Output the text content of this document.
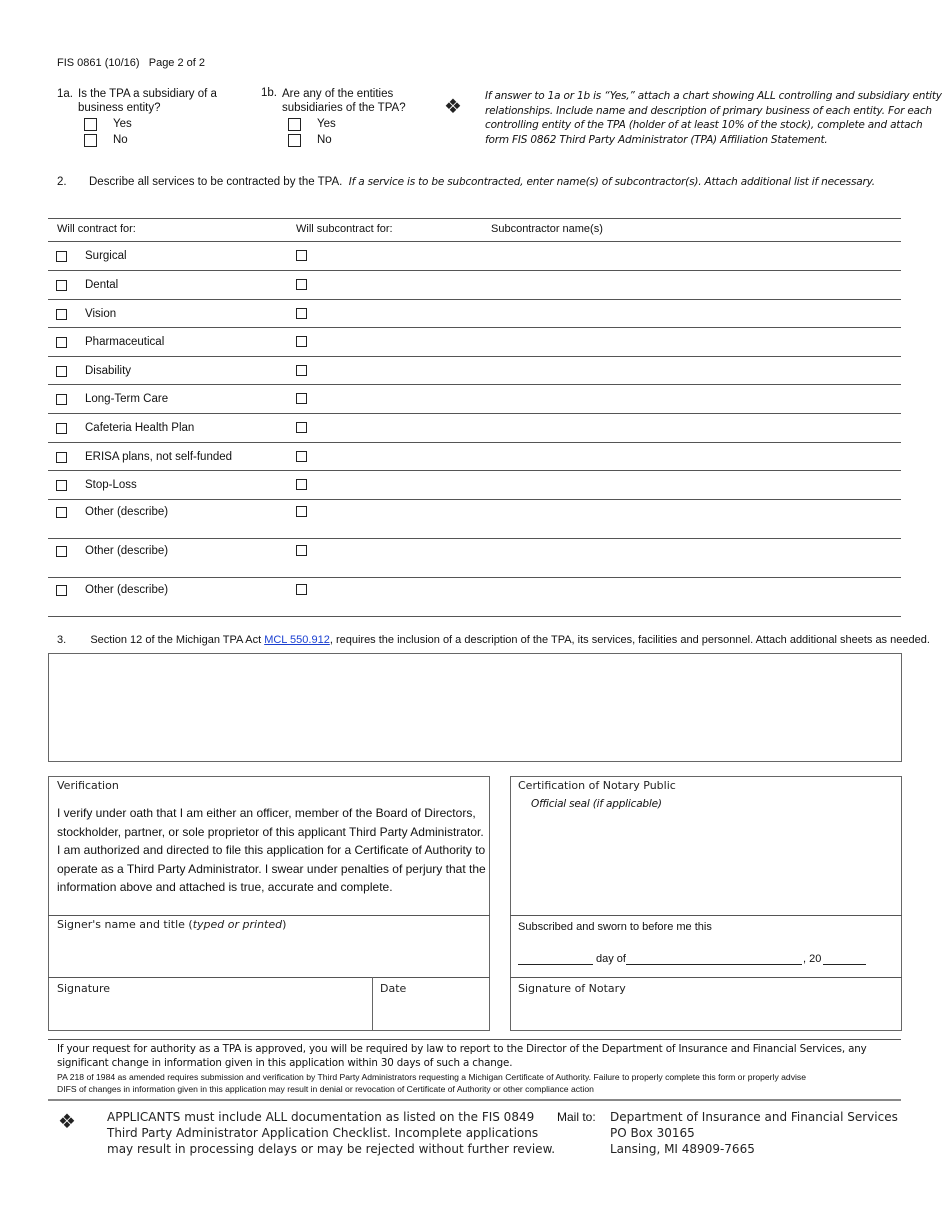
FIS 0861 (10/16) Page 2 of 2
1a. Is the TPA a subsidiary of a
business entity?
Yes
No
1b. Are any of the entities
subsidiaries of the TPA?
Yes
No
❖ If answer to 1a or 1b is “Yes,” attach a chart showing ALL controlling and subsidiary entity
relationships. Include name and description of primary business of each entity. For each
controlling entity of the TPA (holder of at least 10% of the stock), complete and attach
form FIS 0862 Third Party Administrator (TPA) Affiliation Statement.
2. Describe all services to be contracted by the TPA. If a service is to be subcontracted, enter name(s) of subcontractor(s). Attach additional list if necessary.
Will contract for:	Will subcontract for:	Subcontractor name(s)
Surgical
Dental
Vision
Pharmaceutical
Disability
Long-Term Care
Cafeteria Health Plan
ERISA plans, not self-funded
Stop-Loss
Other (describe)
Other (describe)
Other (describe)
3. Section 12 of the Michigan TPA Act MCL 550.912, requires the inclusion of a description of the TPA, its services, facilities and personnel. Attach additional sheets as needed.
Verification
I verify under oath that I am either an officer, member of the Board of Directors,
stockholder, partner, or sole proprietor of this applicant Third Party Administrator.
I am authorized and directed to file this application for a Certificate of Authority to
operate as a Third Party Administrator. I swear under penalties of perjury that the
information above and attached is true, accurate and complete.
Signer's name and title (typed or printed)
Signature	Date
Certification of Notary Public
Official seal (if applicable)
Subscribed and sworn to before me this
day of	, 20
Signature of Notary
If your request for authority as a TPA is approved, you will be required by law to report to the Director of the Department of Insurance and Financial Services, any
significant change in information given in this application within 30 days of such a change.
PA 218 of 1984 as amended requires submission and verification by Third Party Administrators requesting a Michigan Certificate of Authority. Failure to properly complete this form or properly advise
DIFS of changes in information given in this application may result in denial or revocation of Certificate of Authority or other compliance action
❖	APPLICANTS must include ALL documentation as listed on the FIS 0849
Third Party Administrator Application Checklist. Incomplete applications
may result in processing delays or may be rejected without further review.
Mail to: Department of Insurance and Financial Services
PO Box 30165
Lansing, MI 48909-7665
